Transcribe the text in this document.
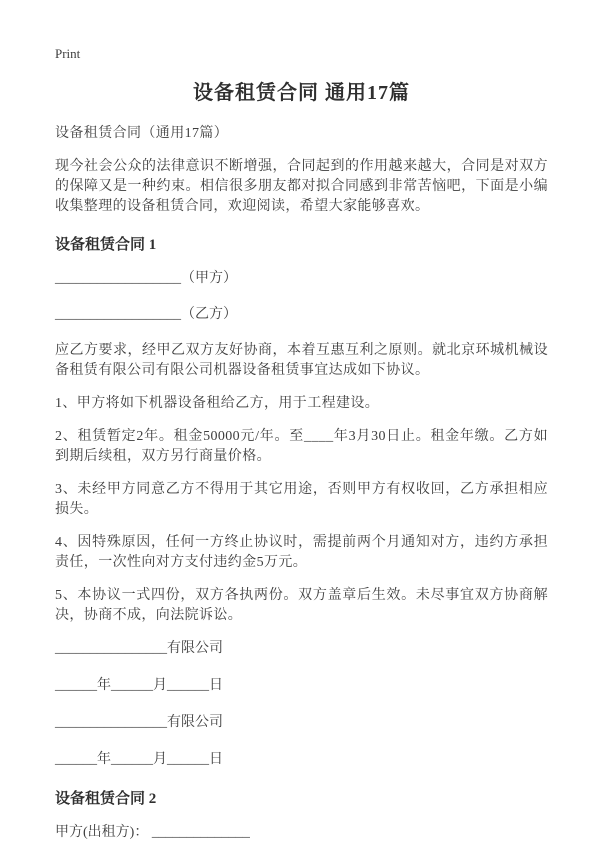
Print
设备租赁合同 通用17篇

设备租赁合同（通用17篇）

现今社会公众的法律意识不断增强，合同起到的作用越来越大，合同是对双方的保障又是一种约束。相信很多朋友都对拟合同感到非常苦恼吧，下面是小编收集整理的设备租赁合同，欢迎阅读，希望大家能够喜欢。

设备租赁合同 1

__________________（甲方）

__________________（乙方）

应乙方要求，经甲乙双方友好协商，本着互惠互利之原则。就北京环城机械设备租赁有限公司有限公司机器设备租赁事宜达成如下协议。

1、甲方将如下机器设备租给乙方，用于工程建设。

2、租赁暂定2年。租金50000元/年。至____年3月30日止。租金年缴。乙方如到期后续租，双方另行商量价格。

3、未经甲方同意乙方不得用于其它用途，否则甲方有权收回，乙方承担相应损失。

4、因特殊原因，任何一方终止协议时，需提前两个月通知对方，违约方承担责任，一次性向对方支付违约金5万元。

5、本协议一式四份，双方各执两份。双方盖章后生效。未尽事宜双方协商解决，协商不成，向法院诉讼。

________________有限公司

______年______月______日

________________有限公司

______年______月______日

设备租赁合同 2

甲方(出租方)： ______________
